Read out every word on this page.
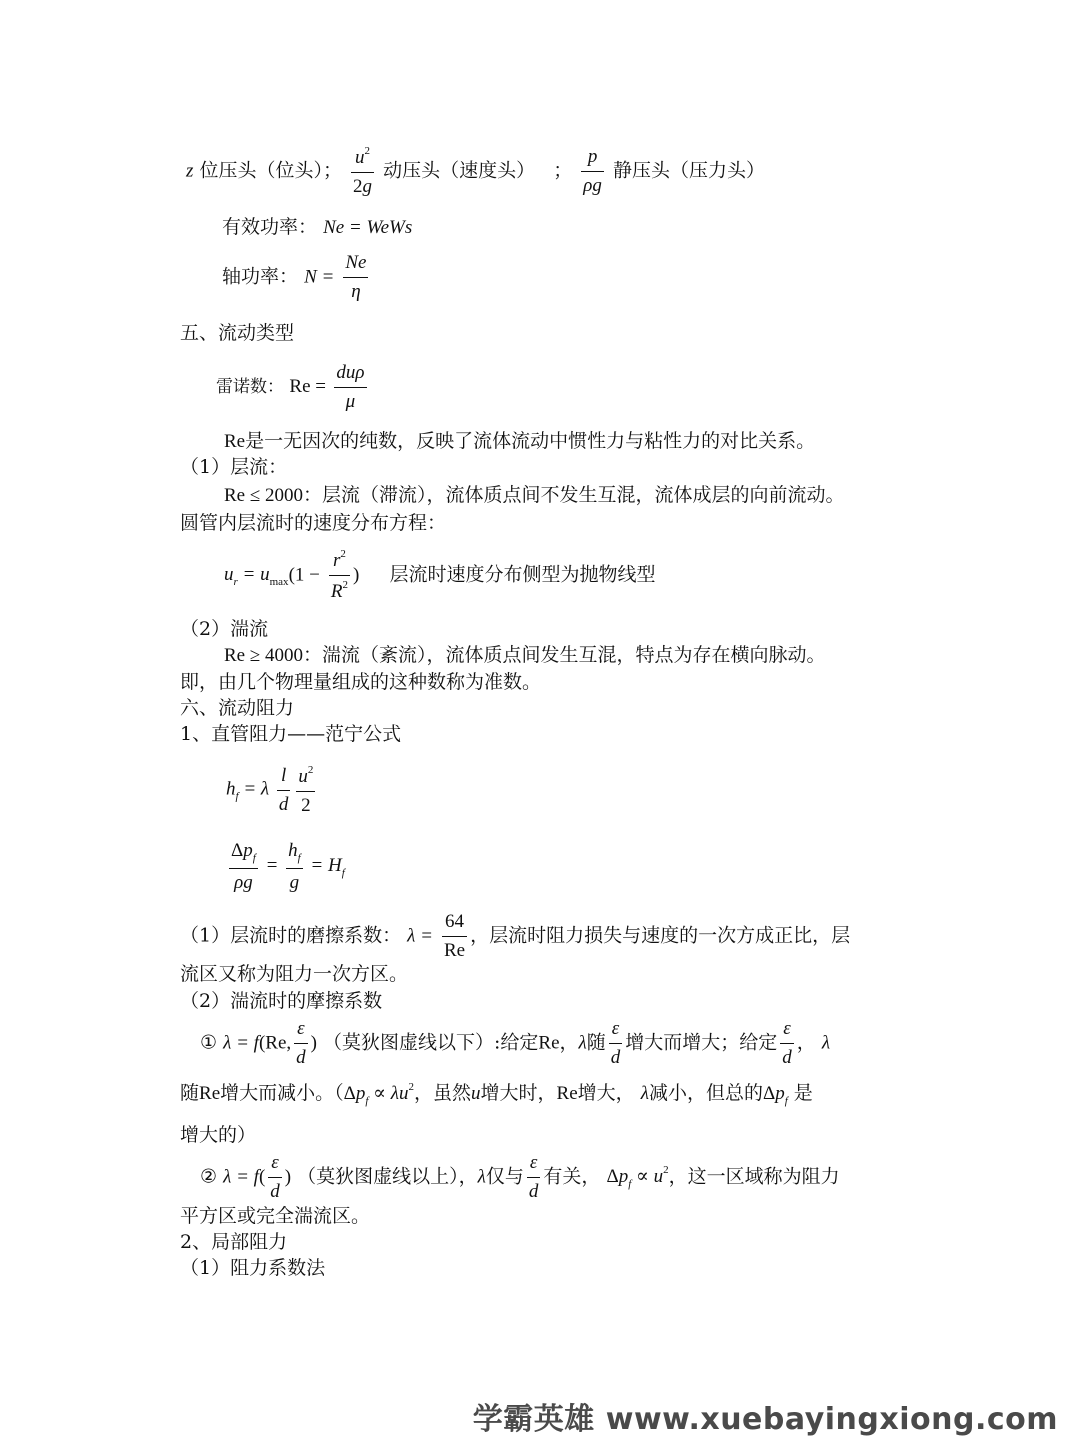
z 位压头（位头）； $\frac{u^2}{2g}$ 动压头（速度头） ； $\frac{p}{\rho g}$ 静压头（压力头）
有效功率： Ne = WeWs
轴功率： $N = \frac{Ne}{\eta}$
五、流动类型
雷诺数： $Re = \frac{\text{duρ}}{\mu}$
Re是一无因次的纯数，反映了流体流动中惯性力与粘性力的对比关系。
（1）层流：
Re ≤ 2000：层流（滞流），流体质点间不发生互混，流体成层的向前流动。
圆管内层流时的速度分布方程：
$u_r = u_{max}(1 - \frac{r^2}{R^2}$ ) 层流时速度分布侧型为抛物线型
（2）湍流
Re ≥ 4000：湍流（紊流），流体质点间发生互混，特点为存在横向脉动。
即，由几个物理量组成的这种数称为准数。
六、流动阻力
1、直管阻力——范宁公式
$h_f = \lambda \frac{l}{d} \frac{u^2}{2}$
$\frac{\Delta p_f}{\rho g} = \frac{h_f}{g} = H_f$
（1）层流时的磨擦系数： $\lambda = \frac{64}{Re}$ ，层流时阻力损失与速度的一次方成正比，层
流区又称为阻力一次方区。
（2）湍流时的摩擦系数
① λ = f(Re, $\frac{\varepsilon}{d}$ ) （莫狄图虚线以下）:给定Re，λ随 $\frac{\varepsilon}{d}$ 增大而增大；给定 $\frac{\varepsilon}{d}$ ， λ
随Re增大而减小。（$\Delta p_f \propto \lambda u^2$，虽然u增大时，Re增大， λ减小，但总的$\Delta p_f$ 是
增大的）
② $\lambda = f( \frac{\varepsilon}{d}$ ) （莫狄图虚线以上），λ仅与 $\frac{\varepsilon}{d}$ 有关， $\Delta p_f \propto u^2$，这一区域称为阻力
平方区或完全湍流区。
2、局部阻力
（1）阻力系数法
学霸英雄 www.xuebayingxiong.com
